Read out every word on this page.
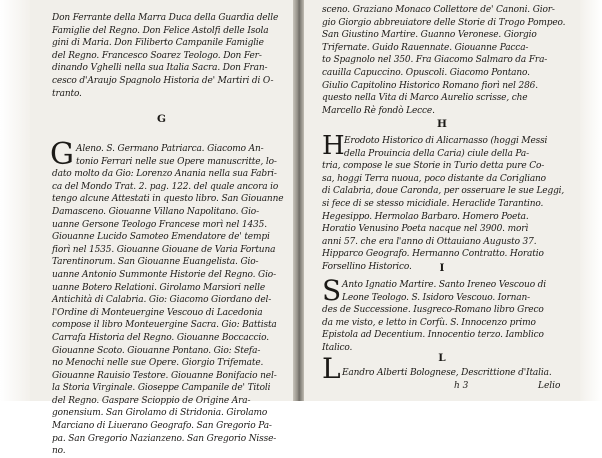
Don Ferrante della Marra Duca della Guardia delle
Famiglie del Regno. Don Felice Astolfi delle Isola
gini di Maria. Don Filiberto Campanile Famiglie
del Regno. Francesco Soarez Teologo. Don Fer-
dinando Vghelli nella sua Italia Sacra. Don Fran-
cesco d'Araujo Spagnolo Historia de' Martiri di O-
tranto.
G
G Aleno. S. Germano Patriarca. Giacomo An-
tonio Ferrari nelle sue Opere manuscritte, lo-
dato molto da Gio: Lorenzo Anania nella sua Fabri-
ca del Mondo Trat. 2. pag. 122. del quale ancora io
tengo alcune Attestati in questo libro. San Giouanne
Damasceno. Giouanne Villano Napolitano. Gio-
uanne Gersone Teologo Francese morì nel 1435.
Giouanne Lucido Samoteo Emendatore de' tempi
fiorì nel 1535. Giouanne Giouane de Varia Fortuna
Tarentinorum. San Giouanne Euangelista. Gio-
uanne Antonio Summonte Historie del Regno. Gio-
uanne Botero Relationi. Girolamo Marsiori nelle
Antichità di Calabria. Gio: Giacomo Giordano del-
l'Ordine di Monteuergine Vescouo di Lacedonia
compose il libro Monteuergine Sacra. Gio: Battista
Carrafa Historia del Regno. Giouanne Boccaccio.
Giouanne Scoto. Giouanne Pontano. Gio: Stefa-
no Menochi nelle sue Opere. Giorgio Trifemate.
Giouanne Rauisio Testore. Giouanne Bonifacio nel-
la Storia Virginale. Gioseppe Campanile de' Titoli
del Regno. Gaspare Scioppio de Origine Ara-
gonensium. San Girolamo di Stridonia. Girolamo
Marciano di Liuerano Geografo. San Gregorio Pa-
pa. San Gregorio Nazianzeno. San Gregorio Nisse-
no.
sceno. Graziano Monaco Collettore de' Canoni. Gior-
gio Giorgio abbreuiatore delle Storie di Trogo Pompeo.
San Giustino Martire. Guanno Veronese. Giorgio
Trifernate. Guido Rauennate. Giouanne Pacca-
to Spagnolo nel 350. Fra Giacomo Salmaro da Fra-
cauilla Capuccino. Opuscoli. Giacomo Pontano.
Giulio Capitolino Historico Romano fiorì nel 286.
questo nella Vita di Marco Aurelio scrisse, che
Marcello Rè fondò Lecce.
H
H Erodoto Historico di Alicarnasso (hoggi Messi
della Prouincia della Caria) ciule della Pa-
tria, compose le sue Storie in Turio detta pure Co-
sa, hoggi Terra nuoua, poco distante da Corigliano
di Calabria, doue Caronda, per osseruare le sue Leggi,
si fece di se stesso micidiale. Heraclide Tarantino.
Hegesippo. Hermolao Barbaro. Homero Poeta.
Horatio Venusino Poeta nacque nel 3900. morì
anni 57. che era l'anno di Ottauiano Augusto 37.
Hipparco Geografo. Hermanno Contratto. Horatio
Forsellino Historico.	I
S Anto Ignatio Martire. Santo Ireneo Vescouo di
Leone Teologo. S. Isidoro Vescouo. Iornan-
des de Successione. Iusgreco-Romano libro Greco
da me visto, e letto in Corfù. S. Innocenzo primo
Epistola ad Decentium. Innocentio terzo. Iamblico
Italico.
L
L Eandro Alberti Bolognese, Descrittione d'Italia.
h 3	Lelio
